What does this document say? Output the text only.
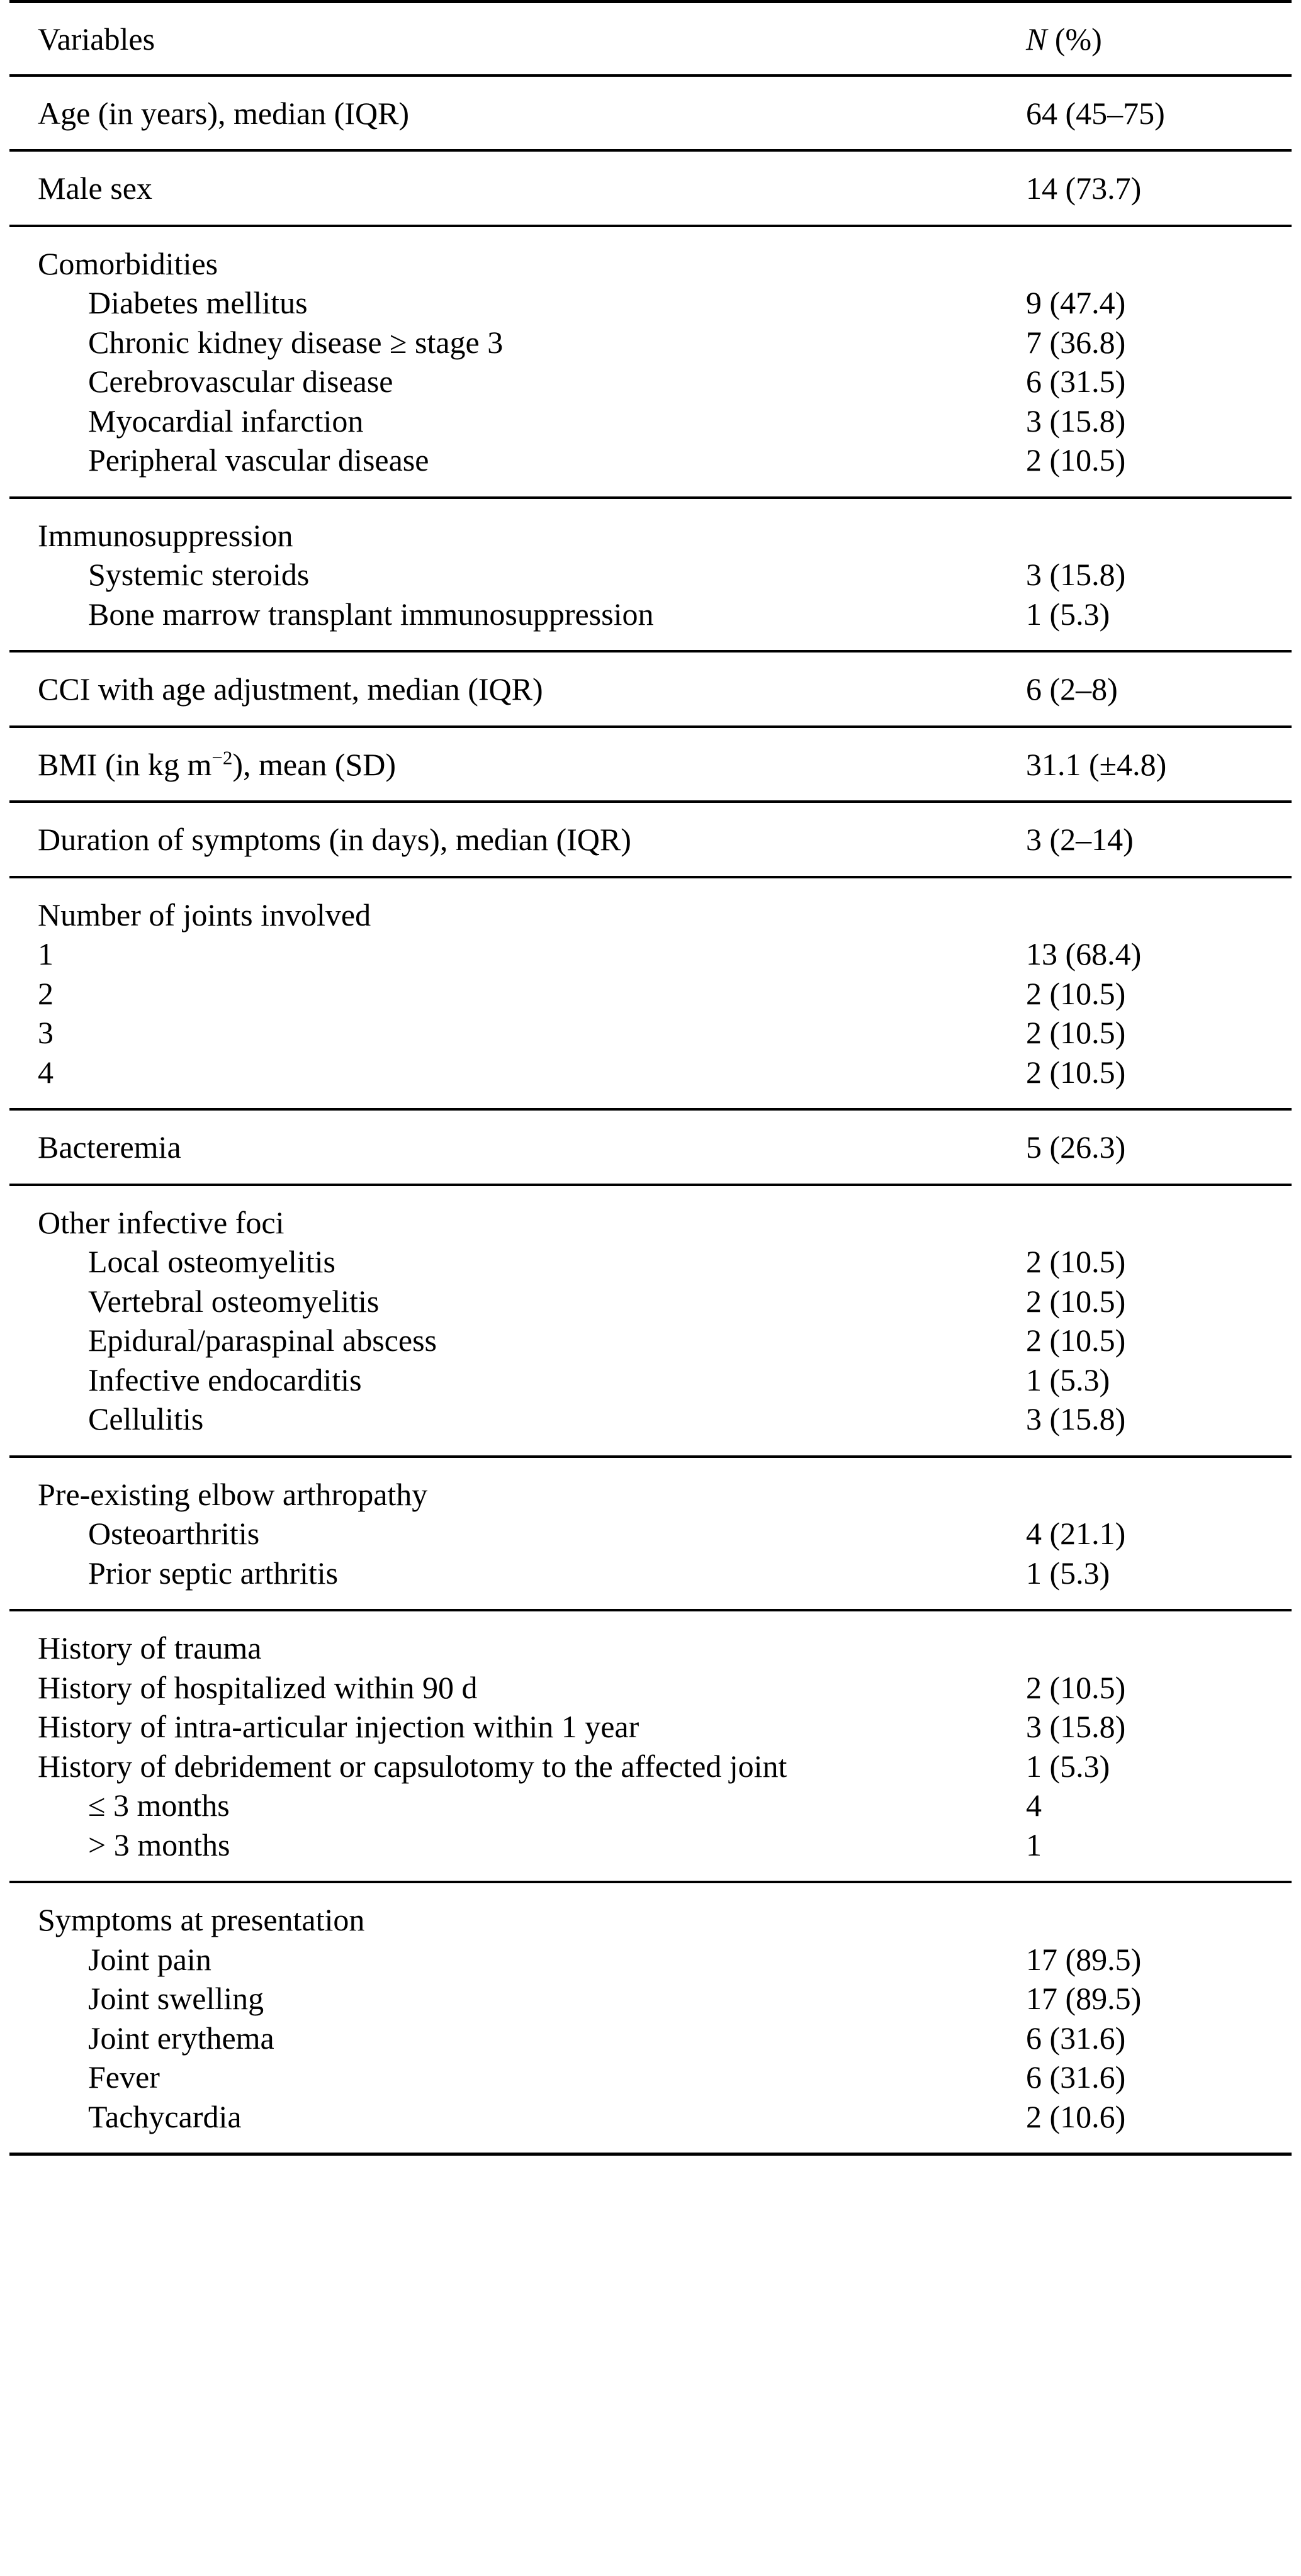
Variables	N (%)
Age (in years), median (IQR)	64 (45–75)
Male sex	14 (73.7)
Comorbidities	
Diabetes mellitus	9 (47.4)
Chronic kidney disease ≥ stage 3	7 (36.8)
Cerebrovascular disease	6 (31.5)
Myocardial infarction	3 (15.8)
Peripheral vascular disease	2 (10.5)
Immunosuppression	
Systemic steroids	3 (15.8)
Bone marrow transplant immunosuppression	1 (5.3)
CCI with age adjustment, median (IQR)	6 (2–8)
BMI (in kg $m^{-2}$), mean (SD)	31.1 (±4.8)
Duration of symptoms (in days), median (IQR)	3 (2–14)
Number of joints involved	
1	13 (68.4)
2	2 (10.5)
3	2 (10.5)
4	2 (10.5)
Bacteremia	5 (26.3)
Other infective foci	
Local osteomyelitis	2 (10.5)
Vertebral osteomyelitis	2 (10.5)
Epidural/paraspinal abscess	2 (10.5)
Infective endocarditis	1 (5.3)
Cellulitis	3 (15.8)
Pre-existing elbow arthropathy	
Osteoarthritis	4 (21.1)
Prior septic arthritis	1 (5.3)
History of trauma	
History of hospitalized within 90 d	2 (10.5)
History of intra-articular injection within 1 year	3 (15.8)
History of debridement or capsulotomy to the affected joint	1 (5.3)
≤ 3 months	4
> 3 months	1
Symptoms at presentation	
Joint pain	17 (89.5)
Joint swelling	17 (89.5)
Joint erythema	6 (31.6)
Fever	6 (31.6)
Tachycardia	2 (10.6)
